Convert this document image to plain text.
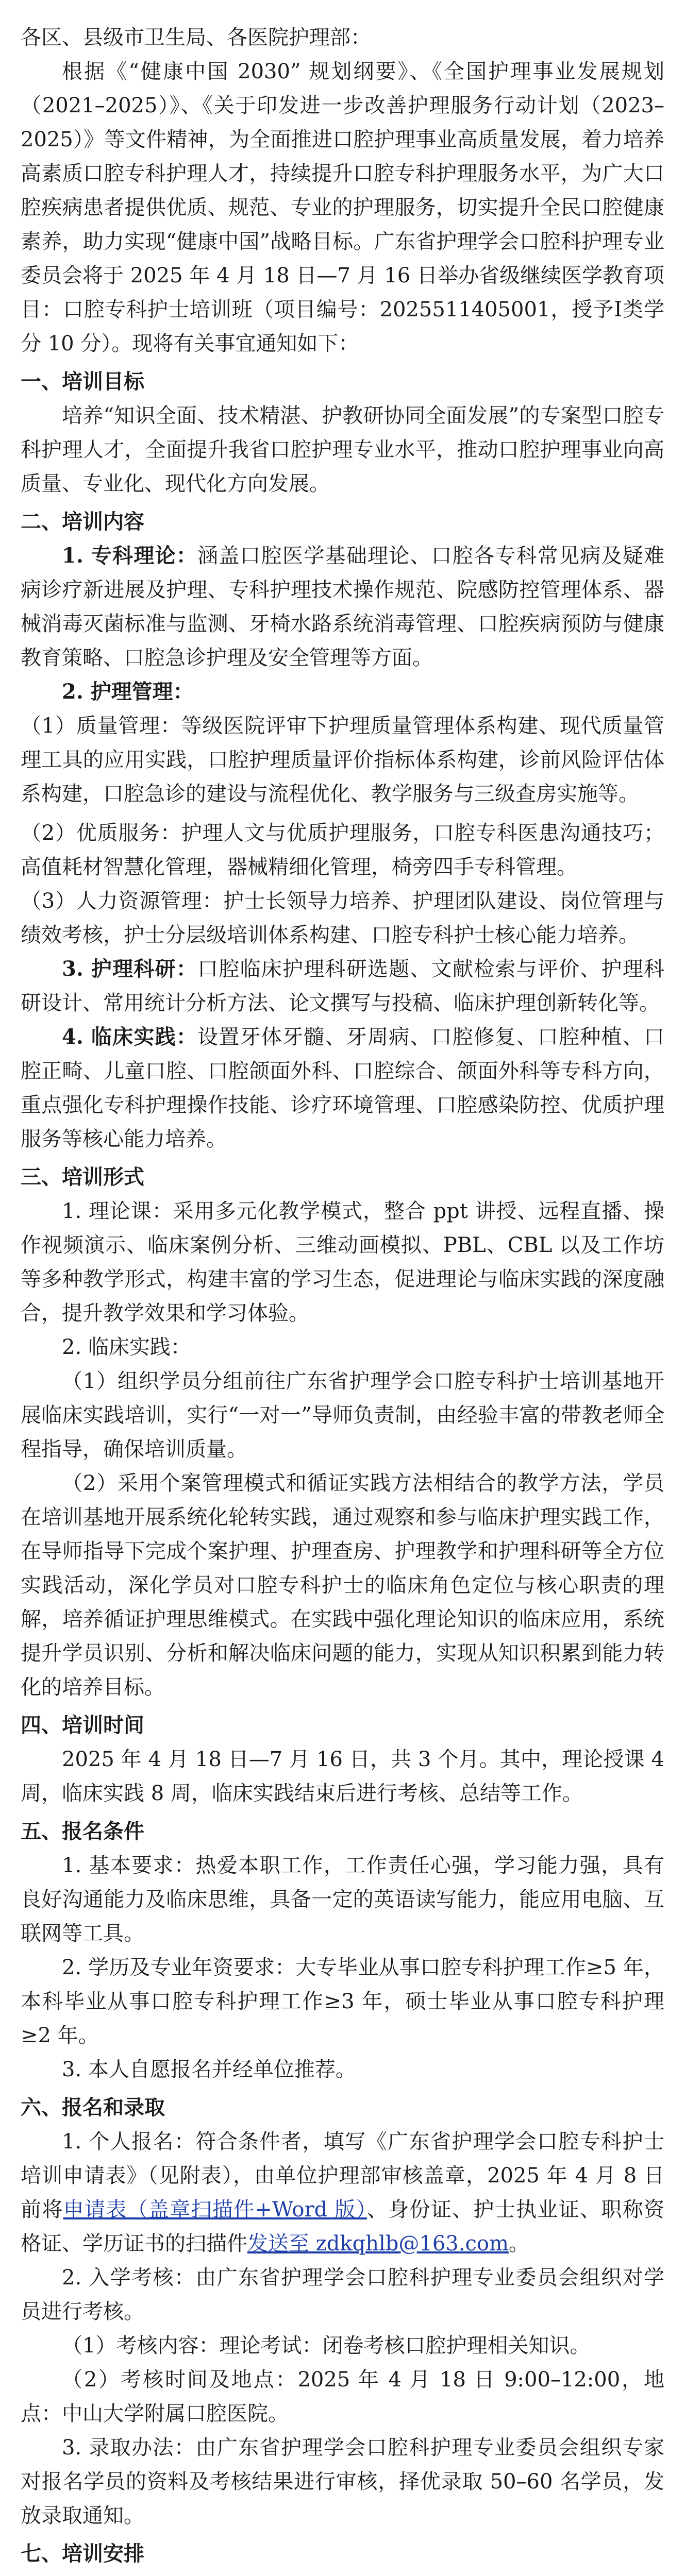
各区、县级市卫生局、各医院护理部：

根据《“健康中国 2030” 规划纲要》、《全国护理事业发展规划（2021–2025）》、《关于印发进一步改善护理服务行动计划（2023–2025）》等文件精神，为全面推进口腔护理事业高质量发展，着力培养高素质口腔专科护理人才，持续提升口腔专科护理服务水平，为广大口腔疾病患者提供优质、规范、专业的护理服务，切实提升全民口腔健康素养，助力实现“健康中国”战略目标。广东省护理学会口腔科护理专业委员会将于 2025 年 4 月 18 日—7 月 16 日举办省级继续医学教育项目：口腔专科护士培训班（项目编号：2025511405001，授予Ⅰ类学分 10 分）。现将有关事宜通知如下：

一、培训目标

培养“知识全面、技术精湛、护教研协同全面发展”的专案型口腔专科护理人才，全面提升我省口腔护理专业水平，推动口腔护理事业向高质量、专业化、现代化方向发展。

二、培训内容

1. 专科理论：涵盖口腔医学基础理论、口腔各专科常见病及疑难病诊疗新进展及护理、专科护理技术操作规范、院感防控管理体系、器械消毒灭菌标准与监测、牙椅水路系统消毒管理、口腔疾病预防与健康教育策略、口腔急诊护理及安全管理等方面。

2. 护理管理：

（1）质量管理：等级医院评审下护理质量管理体系构建、现代质量管理工具的应用实践，口腔护理质量评价指标体系构建，诊前风险评估体系构建，口腔急诊的建设与流程优化、教学服务与三级查房实施等。

（2）优质服务：护理人文与优质护理服务，口腔专科医患沟通技巧；高值耗材智慧化管理，器械精细化管理，椅旁四手专科管理。

（3）人力资源管理：护士长领导力培养、护理团队建设、岗位管理与绩效考核，护士分层级培训体系构建、口腔专科护士核心能力培养。

3. 护理科研：口腔临床护理科研选题、文献检索与评价、护理科研设计、常用统计分析方法、论文撰写与投稿、临床护理创新转化等。

4. 临床实践：设置牙体牙髓、牙周病、口腔修复、口腔种植、口腔正畸、儿童口腔、口腔颌面外科、口腔综合、颌面外科等专科方向，重点强化专科护理操作技能、诊疗环境管理、口腔感染防控、优质护理服务等核心能力培养。

三、培训形式

1. 理论课：采用多元化教学模式，整合 ppt 讲授、远程直播、操作视频演示、临床案例分析、三维动画模拟、PBL、CBL 以及工作坊等多种教学形式，构建丰富的学习生态，促进理论与临床实践的深度融合，提升教学效果和学习体验。

2. 临床实践：

（1）组织学员分组前往广东省护理学会口腔专科护士培训基地开展临床实践培训，实行“一对一”导师负责制，由经验丰富的带教老师全程指导，确保培训质量。

（2）采用个案管理模式和循证实践方法相结合的教学方法，学员在培训基地开展系统化轮转实践，通过观察和参与临床护理实践工作，在导师指导下完成个案护理、护理查房、护理教学和护理科研等全方位实践活动，深化学员对口腔专科护士的临床角色定位与核心职责的理解，培养循证护理思维模式。在实践中强化理论知识的临床应用，系统提升学员识别、分析和解决临床问题的能力，实现从知识积累到能力转化的培养目标。

四、培训时间

2025 年 4 月 18 日—7 月 16 日，共 3 个月。其中，理论授课 4 周，临床实践 8 周，临床实践结束后进行考核、总结等工作。

五、报名条件

1. 基本要求：热爱本职工作，工作责任心强，学习能力强，具有良好沟通能力及临床思维，具备一定的英语读写能力，能应用电脑、互联网等工具。

2. 学历及专业年资要求：大专毕业从事口腔专科护理工作≥5 年，本科毕业从事口腔专科护理工作≥3 年，硕士毕业从事口腔专科护理≥2 年。

3. 本人自愿报名并经单位推荐。

六、报名和录取

1. 个人报名：符合条件者，填写《广东省护理学会口腔专科护士培训申请表》（见附表），由单位护理部审核盖章，2025 年 4 月 8 日前将申请表（盖章扫描件+Word 版）、身份证、护士执业证、职称资格证、学历证书的扫描件发送至 zdkqhlb@163.com。

2. 入学考核：由广东省护理学会口腔科护理专业委员会组织对学员进行考核。

（1）考核内容：理论考试：闭卷考核口腔护理相关知识。

（2）考核时间及地点：2025 年 4 月 18 日 9:00–12:00，地点：中山大学附属口腔医院。

3. 录取办法：由广东省护理学会口腔科护理专业委员会组织专家对报名学员的资料及考核结果进行审核，择优录取 50–60 名学员，发放录取通知。

七、培训安排
